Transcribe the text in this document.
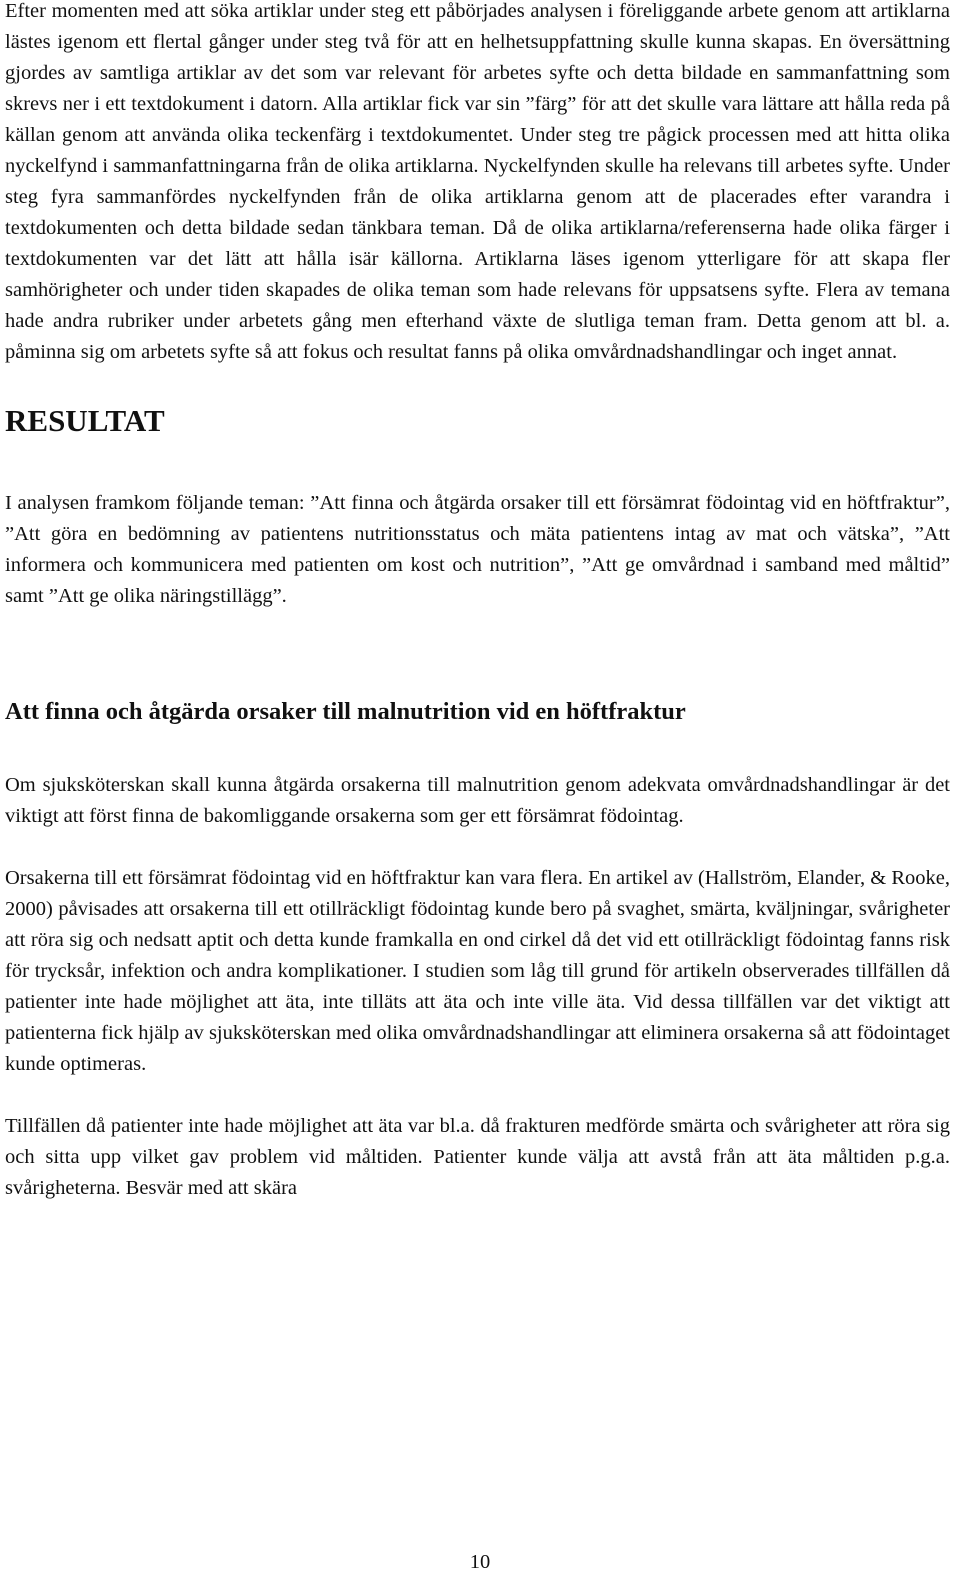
Efter momenten med att söka artiklar under steg ett påbörjades analysen i föreliggande arbete genom att artiklarna lästes igenom ett flertal gånger under steg två för att en helhetsuppfattning skulle kunna skapas. En översättning gjordes av samtliga artiklar av det som var relevant för arbetes syfte och detta bildade en sammanfattning som skrevs ner i ett textdokument i datorn. Alla artiklar fick var sin ”färg” för att det skulle vara lättare att hålla reda på källan genom att använda olika teckenfärg i textdokumentet. Under steg tre pågick processen med att hitta olika nyckelfynd i sammanfattningarna från de olika artiklarna. Nyckelfynden skulle ha relevans till arbetes syfte. Under steg fyra sammanfördes nyckelfynden från de olika artiklarna genom att de placerades efter varandra i textdokumenten och detta bildade sedan tänkbara teman. Då de olika artiklarna/referenserna hade olika färger i textdokumenten var det lätt att hålla isär källorna. Artiklarna läses igenom ytterligare för att skapa fler samhörigheter och under tiden skapades de olika teman som hade relevans för uppsatsens syfte. Flera av temana hade andra rubriker under arbetets gång men efterhand växte de slutliga teman fram. Detta genom att bl. a. påminna sig om arbetets syfte så att fokus och resultat fanns på olika omvårdnadshandlingar och inget annat.

RESULTAT

I analysen framkom följande teman: ”Att finna och åtgärda orsaker till ett försämrat födointag vid en höftfraktur”, ”Att göra en bedömning av patientens nutritionsstatus och mäta patientens intag av mat och vätska”, ”Att informera och kommunicera med patienten om kost och nutrition”, ”Att ge omvårdnad i samband med måltid” samt ”Att ge olika näringstillägg”.

Att finna och åtgärda orsaker till malnutrition vid en höftfraktur

Om sjuksköterskan skall kunna åtgärda orsakerna till malnutrition genom adekvata omvårdnadshandlingar är det viktigt att först finna de bakomliggande orsakerna som ger ett försämrat födointag.

Orsakerna till ett försämrat födointag vid en höftfraktur kan vara flera. En artikel av (Hallström, Elander, & Rooke, 2000) påvisades att orsakerna till ett otillräckligt födointag kunde bero på svaghet, smärta, kväljningar, svårigheter att röra sig och nedsatt aptit och detta kunde framkalla en ond cirkel då det vid ett otillräckligt födointag fanns risk för trycksår, infektion och andra komplikationer. I studien som låg till grund för artikeln observerades tillfällen då patienter inte hade möjlighet att äta, inte tilläts att äta och inte ville äta. Vid dessa tillfällen var det viktigt att patienterna fick hjälp av sjuksköterskan med olika omvårdnadshandlingar att eliminera orsakerna så att födointaget kunde optimeras.

Tillfällen då patienter inte hade möjlighet att äta var bl.a. då frakturen medförde smärta och svårigheter att röra sig och sitta upp vilket gav problem vid måltiden. Patienter kunde välja att avstå från att äta måltiden p.g.a. svårigheterna. Besvär med att skära

10
